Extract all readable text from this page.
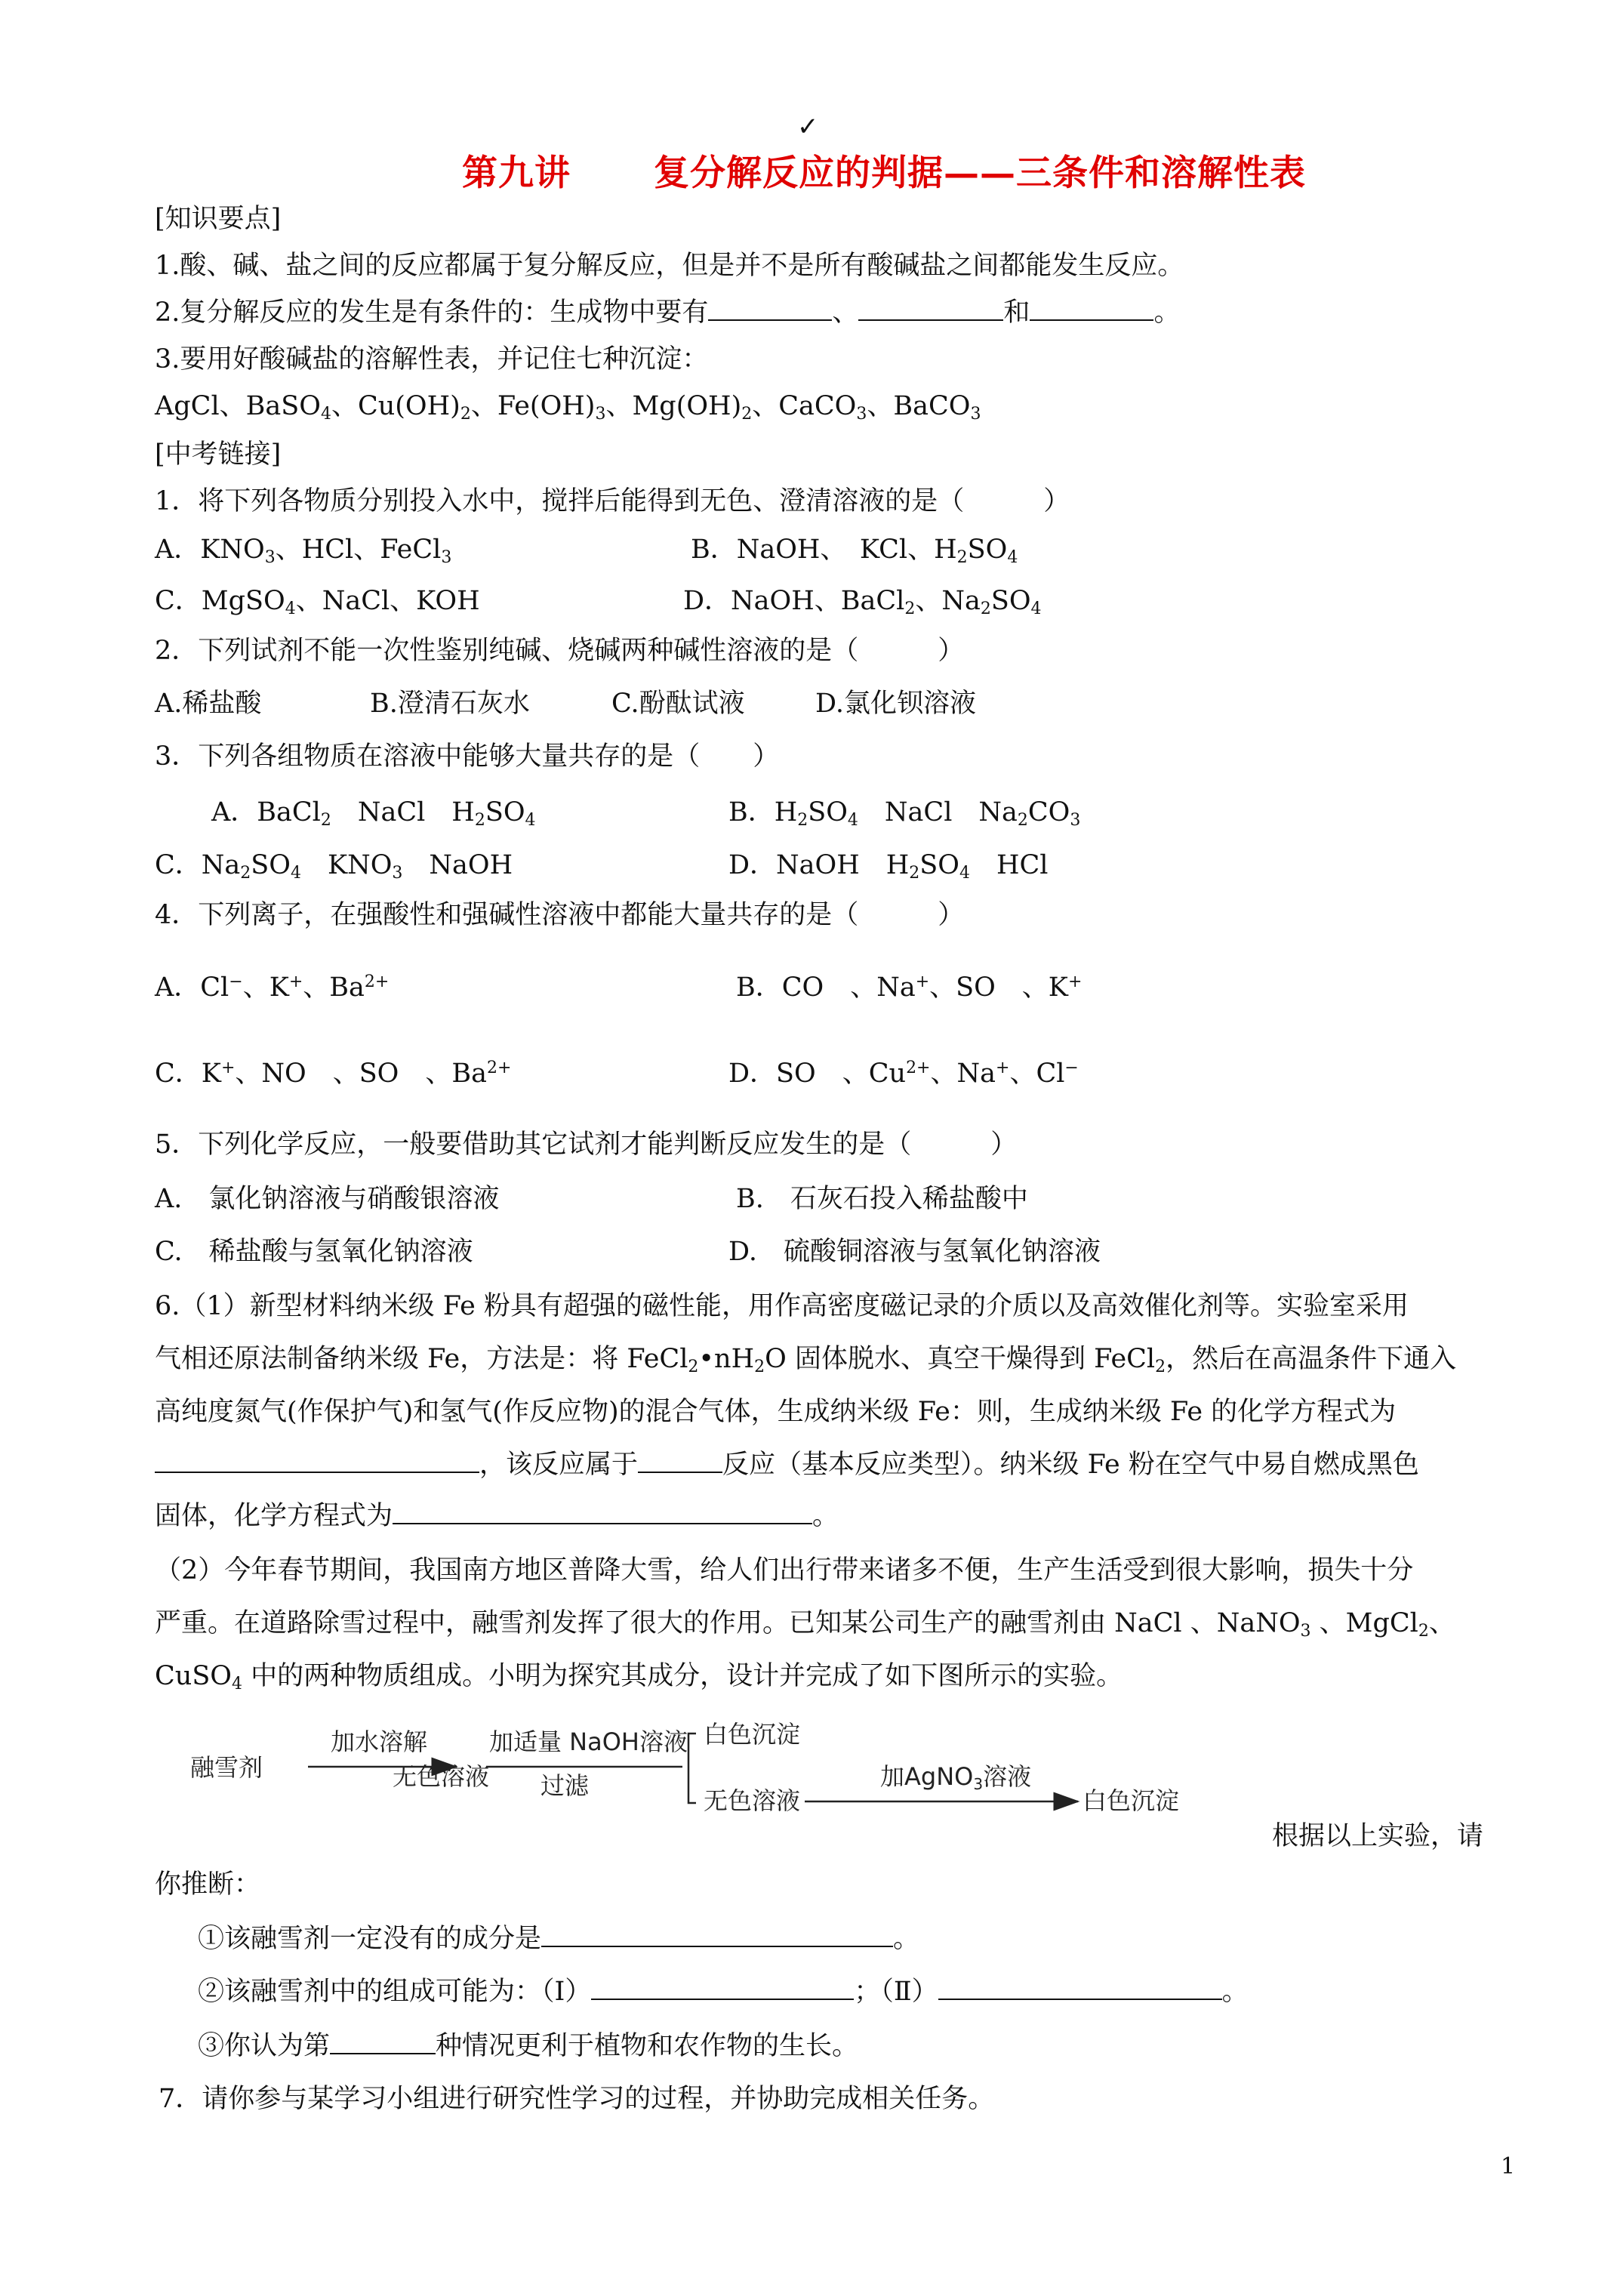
✓
第九讲 复分解反应的判据——三条件和溶解性表
[知识要点]
1.酸、碱、盐之间的反应都属于复分解反应，但是并不是所有酸碱盐之间都能发生反应。
2.复分解反应的发生是有条件的：生成物中要有	、	和	。
3.要用好酸碱盐的溶解性表，并记住七种沉淀：
AgCl、BaSO$_4$、$Cu(OH)_2$、$Fe(OH)_3$、$Mg(OH)_2$、CaCO$_3$、BaCO$_3$
[中考链接]
1．将下列各物质分别投入水中，搅拌后能得到无色、澄清溶液的是（　　　）
A．$KNO_3$、HCl、FeCl$_3$	B．NaOH、　KCl、$H_2SO_4$
C．MgSO$_4$、NaCl、KOH	D．NaOH、BaCl$_2$、$Na_2SO_4$
2．下列试剂不能一次性鉴别纯碱、烧碱两种碱性溶液的是（　　　）
A.稀盐酸	B.澄清石灰水	C.酚酞试液	D.氯化钡溶液
3．下列各组物质在溶液中能够大量共存的是（　　）
A．BaCl$_2$　NaCl　$H_2SO_4$	B．$H_2SO_4$　NaCl　$Na_2CO_3$
C．$Na_2SO_4$　$KNO_3$　NaOH	D．NaOH　$H_2SO_4$　HCl
4．下列离子，在强酸性和强碱性溶液中都能大量共存的是（　　　）
A．Cl−、K+、$Ba^{2+}$	B．CO　、Na+、SO　、K+
C．K+、NO　、SO　、$Ba^{2+}$	D．SO　、$Cu^{2+}$、Na+、Cl−
5．下列化学反应，一般要借助其它试剂才能判断反应发生的是（　　　）
A.　氯化钠溶液与硝酸银溶液	B.　石灰石投入稀盐酸中
C.　稀盐酸与氢氧化钠溶液	D.　硫酸铜溶液与氢氧化钠溶液
6.（1）新型材料纳米级 Fe 粉具有超强的磁性能，用作高密度磁记录的介质以及高效催化剂等。实验室采用
气相还原法制备纳米级 Fe，方法是：将 $FeCl_2•nH_2O$ 固体脱水、真空干燥得到 FeCl$_2$，然后在高温条件下通入
高纯度氮气(作保护气)和氢气(作反应物)的混合气体，生成纳米级 Fe：则，生成纳米级 Fe 的化学方程式为
，该反应属于	反应（基本反应类型）。纳米级 Fe 粉在空气中易自燃成黑色
固体，化学方程式为	。
（2）今年春节期间，我国南方地区普降大雪，给人们出行带来诸多不便，生产生活受到很大影响，损失十分
严重。在道路除雪过程中，融雪剂发挥了很大的作用。已知某公司生产的融雪剂由 NaCl 、NaNO$_3$ 、MgCl$_2$、
CuSO$_4$ 中的两种物质组成。小明为探究其成分，设计并完成了如下图所示的实验。
融雪剂
加水溶解
无色溶液
加适量 NaOH溶液
过滤
白色沉淀
无色溶液
加AgNO3溶液
白色沉淀
根据以上实验，请
你推断：
①该融雪剂一定没有的成分是	。
②该融雪剂中的组成可能为：（Ⅰ）	；（Ⅱ）	。
③你认为第	种情况更利于植物和农作物的生长。
7．请你参与某学习小组进行研究性学习的过程，并协助完成相关任务。
1
